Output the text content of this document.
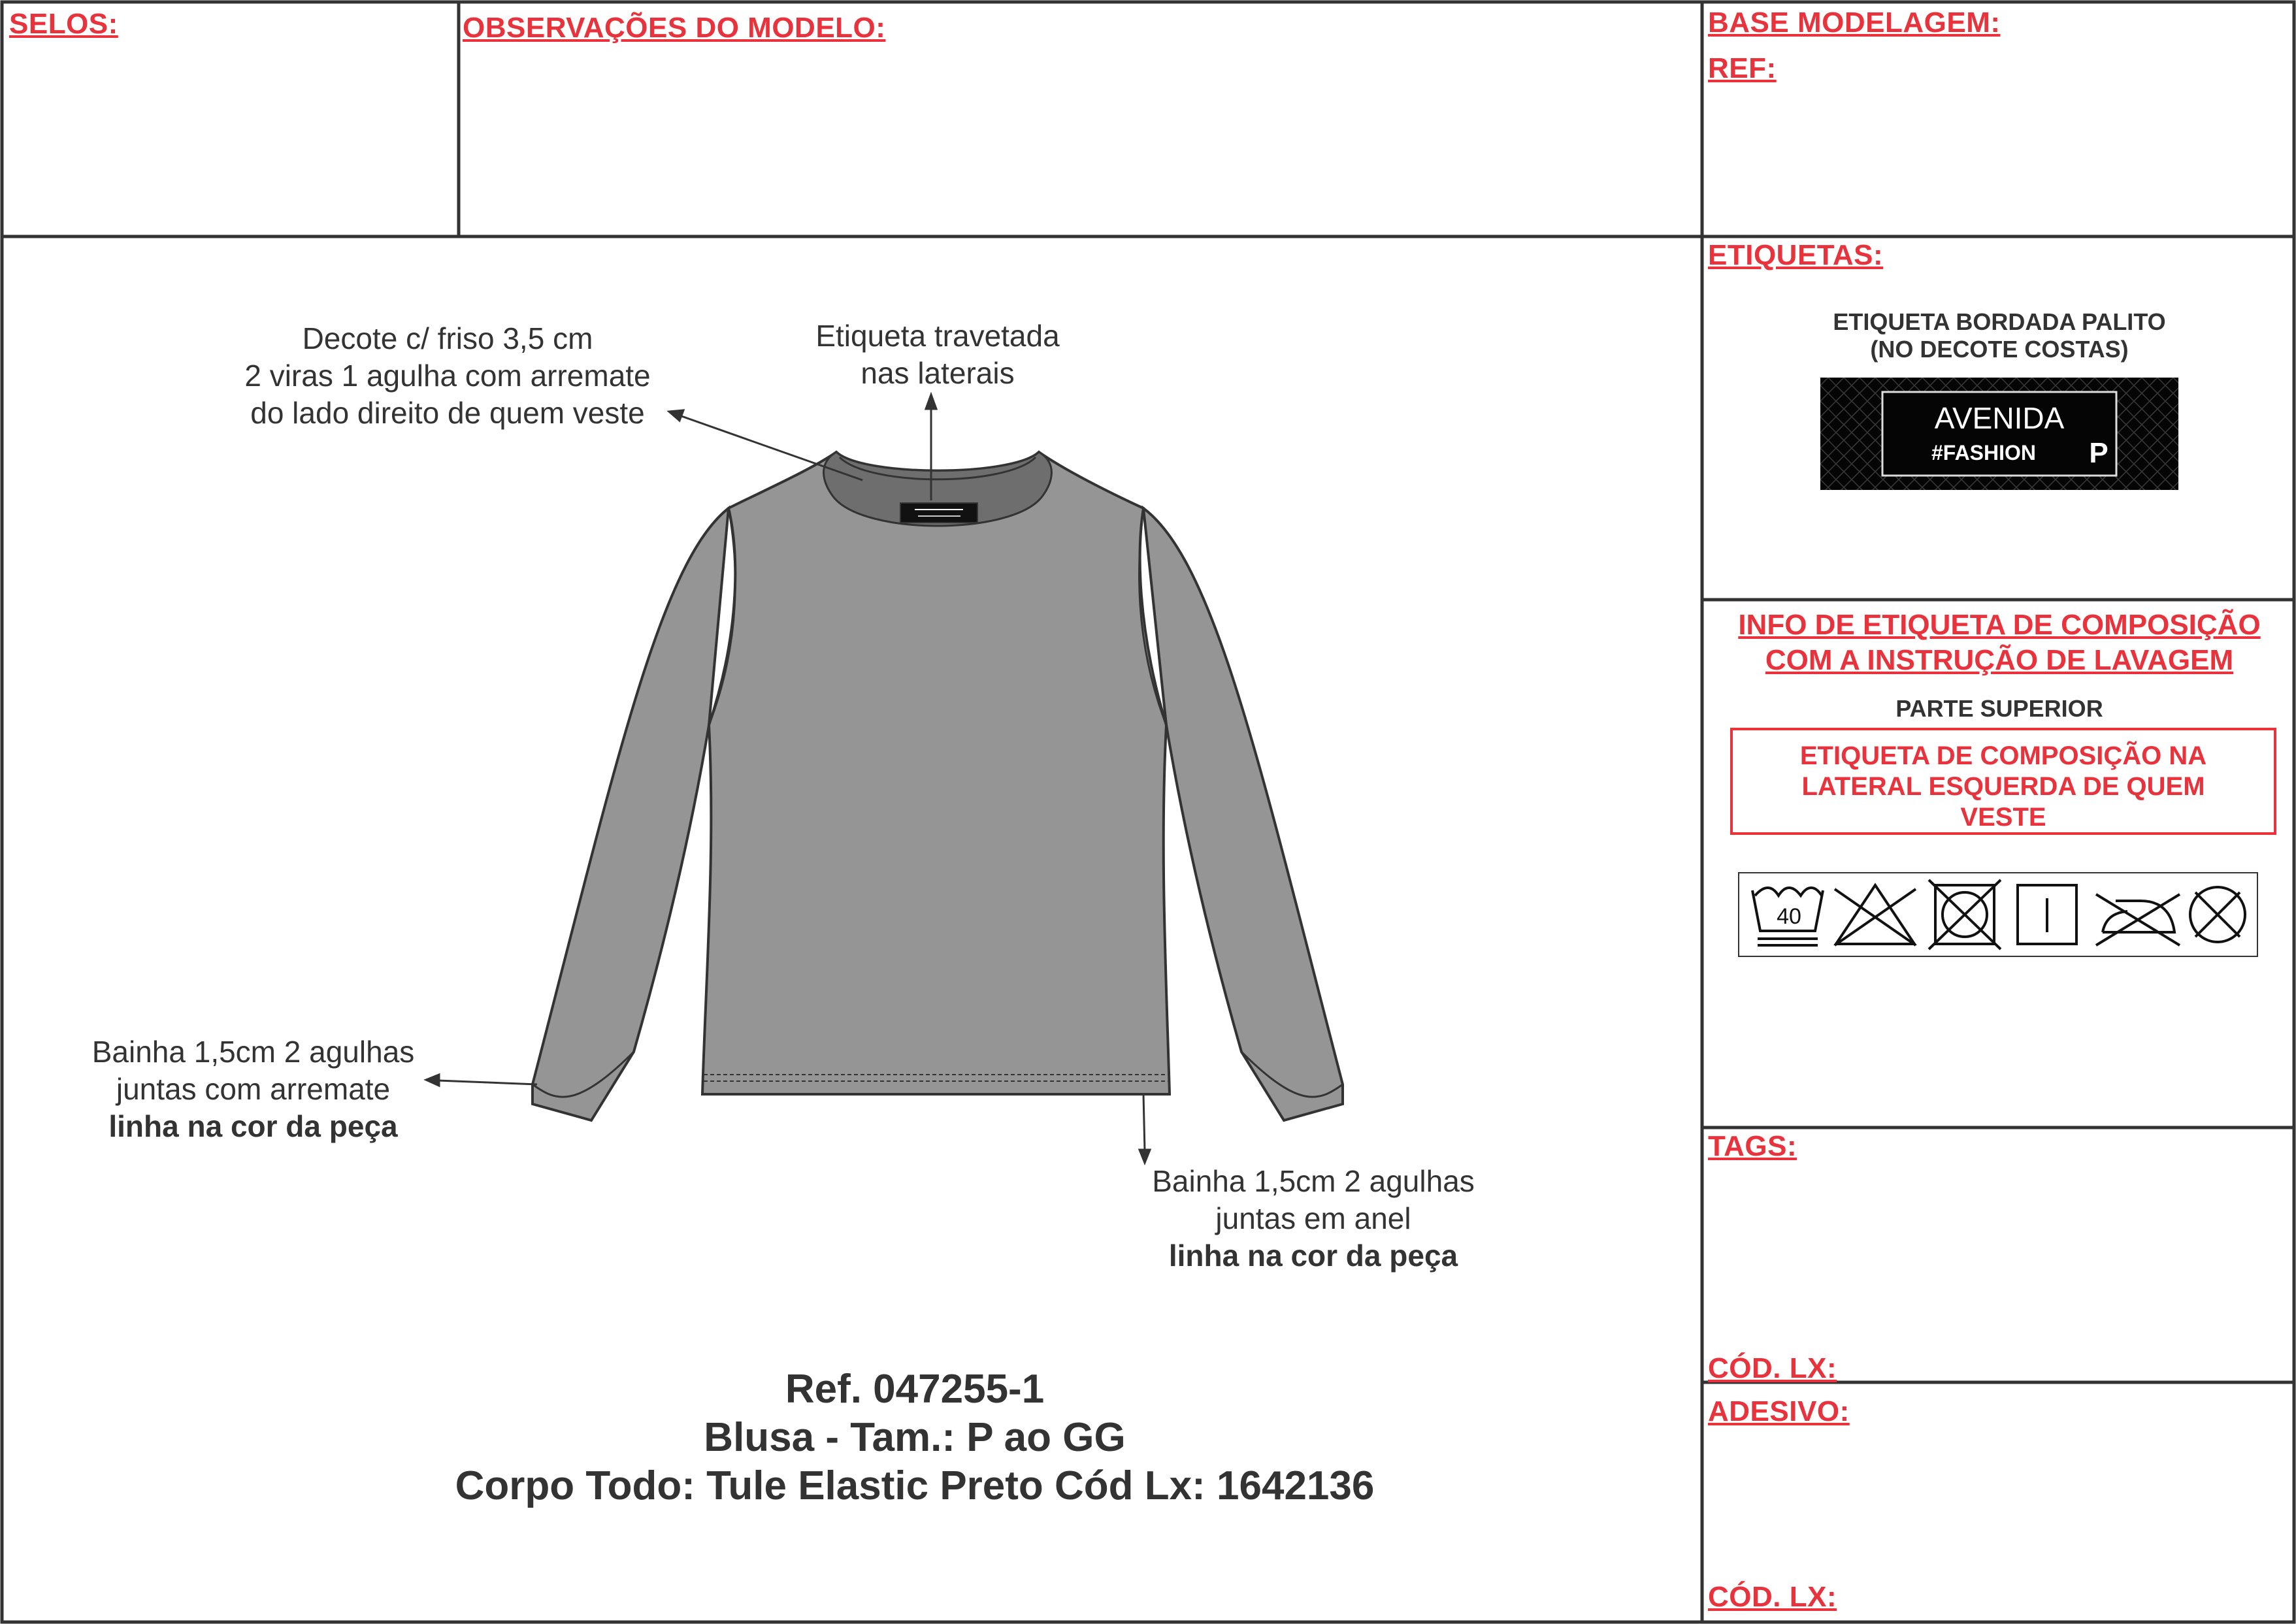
SELOS:	OBSERVAÇÕES DO MODELO:	BASE MODELAGEM:
REF:
Decote c/ friso 3,5 cm
2 viras 1 agulha com arremate
do lado direito de quem veste
Etiqueta travetada
nas laterais
Bainha 1,5cm 2 agulhas
juntas com arremate
linha na cor da peça
Bainha 1,5cm 2 agulhas
juntas em anel
linha na cor da peça
Ref. 047255-1
Blusa - Tam.: P ao GG
Corpo Todo: Tule Elastic Preto Cód Lx: 1642136
ETIQUETAS:
ETIQUETA BORDADA PALITO
(NO DECOTE COSTAS)
AVENIDA
#FASHION P
INFO DE ETIQUETA DE COMPOSIÇÃO
COM A INSTRUÇÃO DE LAVAGEM
PARTE SUPERIOR
ETIQUETA DE COMPOSIÇÃO NA
LATERAL ESQUERDA DE QUEM
VESTE
40
TAGS:
CÓD. LX:
ADESIVO:
CÓD. LX:
